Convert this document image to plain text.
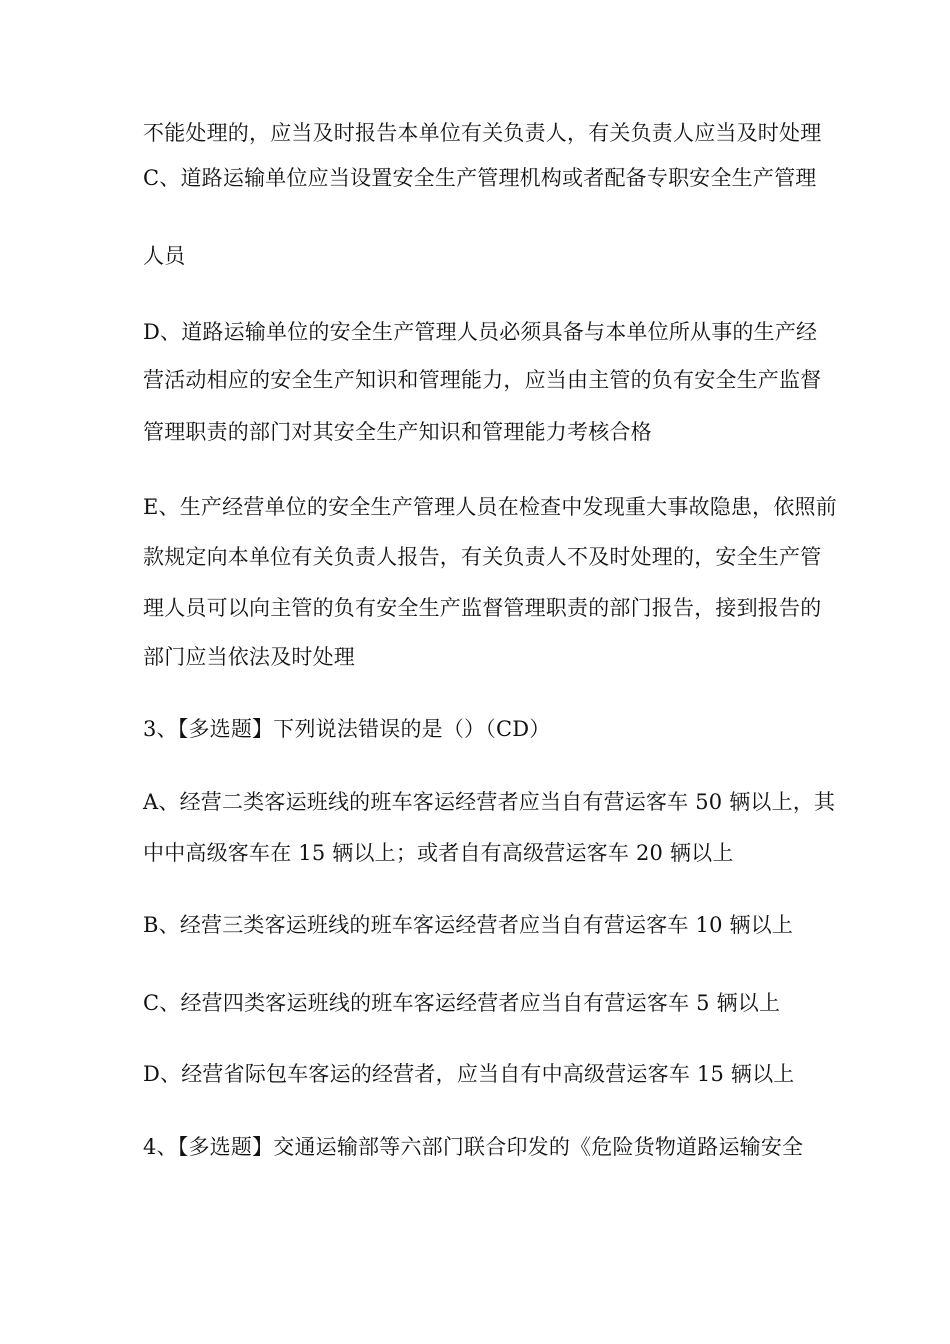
不能处理的，应当及时报告本单位有关负责人，有关负责人应当及时处理
C、道路运输单位应当设置安全生产管理机构或者配备专职安全生产管理
人员
D、道路运输单位的安全生产管理人员必须具备与本单位所从事的生产经
营活动相应的安全生产知识和管理能力，应当由主管的负有安全生产监督
管理职责的部门对其安全生产知识和管理能力考核合格
E、生产经营单位的安全生产管理人员在检查中发现重大事故隐患，依照前
款规定向本单位有关负责人报告，有关负责人不及时处理的，安全生产管
理人员可以向主管的负有安全生产监督管理职责的部门报告，接到报告的
部门应当依法及时处理
3、【多选题】下列说法错误的是（）（CD）
A、经营二类客运班线的班车客运经营者应当自有营运客车 50 辆以上，其
中中高级客车在 15 辆以上；或者自有高级营运客车 20 辆以上
B、经营三类客运班线的班车客运经营者应当自有营运客车 10 辆以上
C、经营四类客运班线的班车客运经营者应当自有营运客车 5 辆以上
D、经营省际包车客运的经营者，应当自有中高级营运客车 15 辆以上
4、【多选题】交通运输部等六部门联合印发的《危险货物道路运输安全
